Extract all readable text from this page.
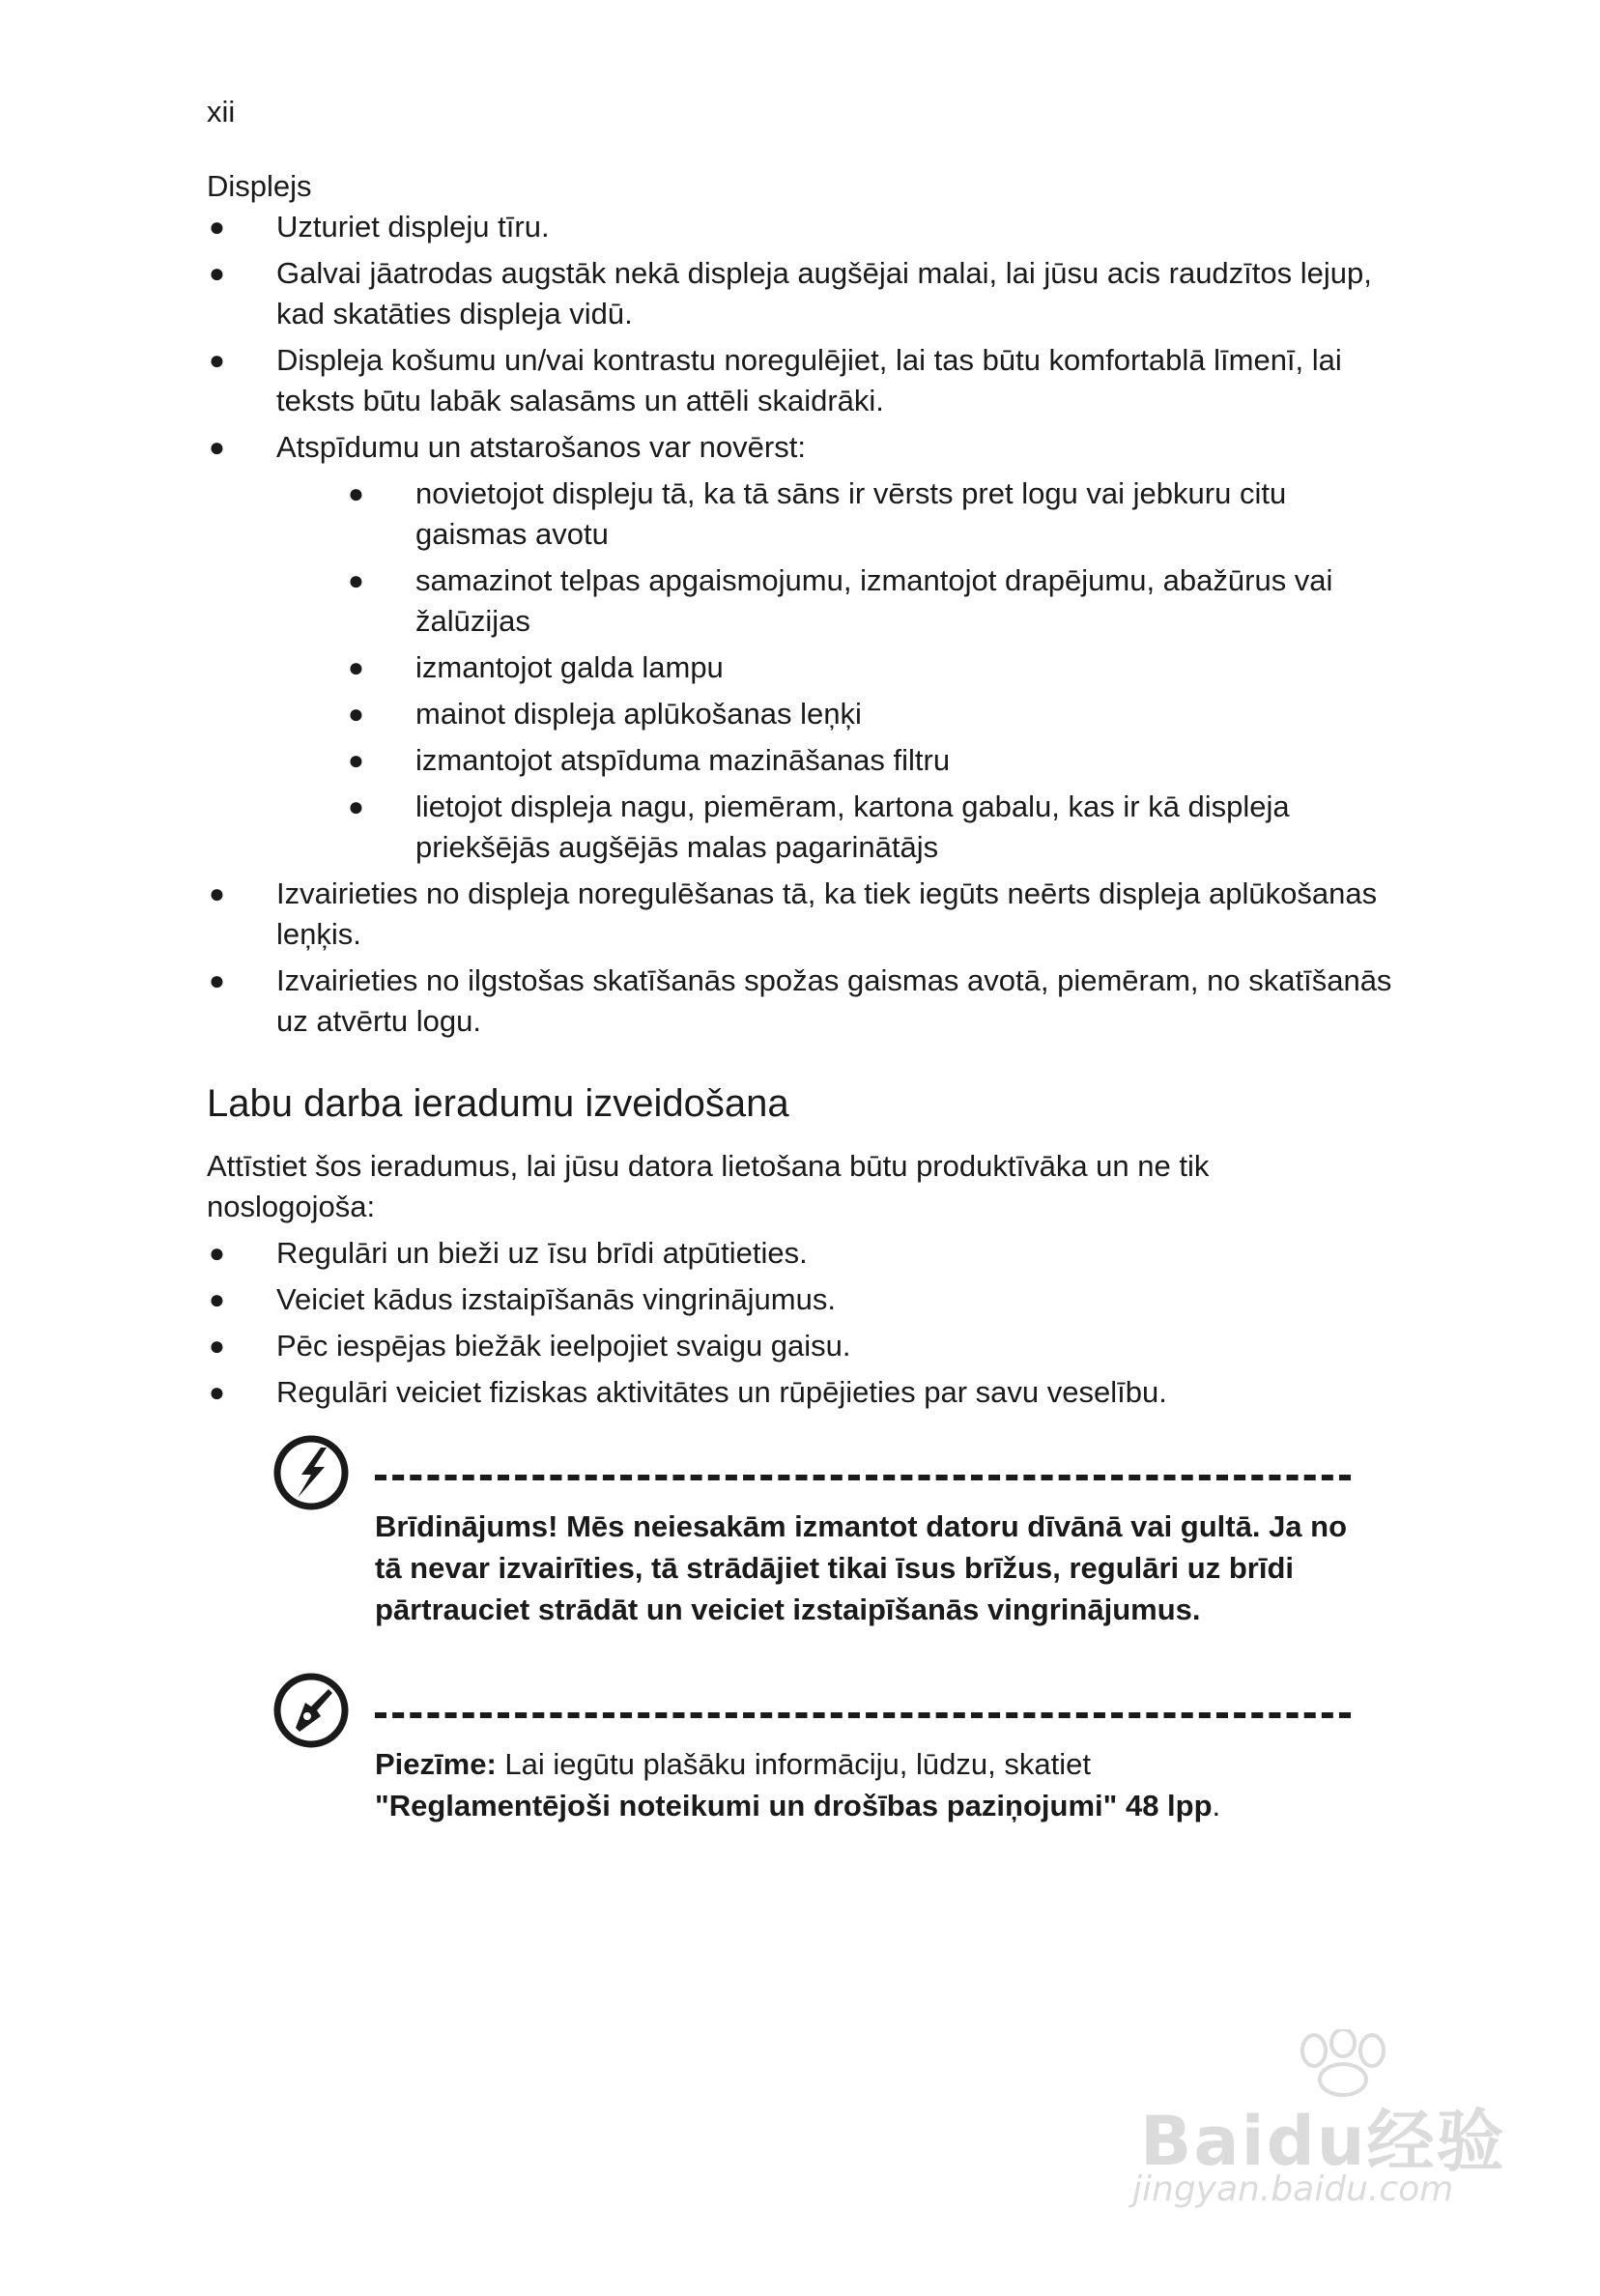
xii

Displejs

● Uzturiet displeju tīru.
● Galvai jāatrodas augstāk nekā displeja augšējai malai, lai jūsu acis raudzītos lejup, kad skatāties displeja vidū.
● Displeja košumu un/vai kontrastu noregulējiet, lai tas būtu komfortablā līmenī, lai teksts būtu labāk salasāms un attēli skaidrāki.
● Atspīdumu un atstarošanos var novērst:
● novietojot displeju tā, ka tā sāns ir vērsts pret logu vai jebkuru citu gaismas avotu
● samazinot telpas apgaismojumu, izmantojot drapējumu, abažūrus vai žalūzijas
● izmantojot galda lampu
● mainot displeja aplūkošanas leņķi
● izmantojot atspīduma mazināšanas filtru
● lietojot displeja nagu, piemēram, kartona gabalu, kas ir kā displeja priekšējās augšējās malas pagarinātājs
● Izvairieties no displeja noregulēšanas tā, ka tiek iegūts neērts displeja aplūkošanas leņķis.
● Izvairieties no ilgstošas skatīšanās spožas gaismas avotā, piemēram, no skatīšanās uz atvērtu logu.
Labu darba ieradumu izveidošana

Attīstiet šos ieradumus, lai jūsu datora lietošana būtu produktīvāka un ne tik noslogojoša:

● Regulāri un bieži uz īsu brīdi atpūtieties.
● Veiciet kādus izstaipīšanās vingrinājumus.
● Pēc iespējas biežāk ieelpojiet svaigu gaisu.
● Regulāri veiciet fiziskas aktivitātes un rūpējieties par savu veselību.
Brīdinājums! Mēs neiesakām izmantot datoru dīvānā vai gultā. Ja no tā nevar izvairīties, tā strādājiet tikai īsus brīžus, regulāri uz brīdi pārtrauciet strādāt un veiciet izstaipīšanās vingrinājumus.
Piezīme: Lai iegūtu plašāku informāciju, lūdzu, skatiet
"Reglamentējoši noteikumi un drošības paziņojumi" 48 lpp.
Baidu经验
jingyan.baidu.com
